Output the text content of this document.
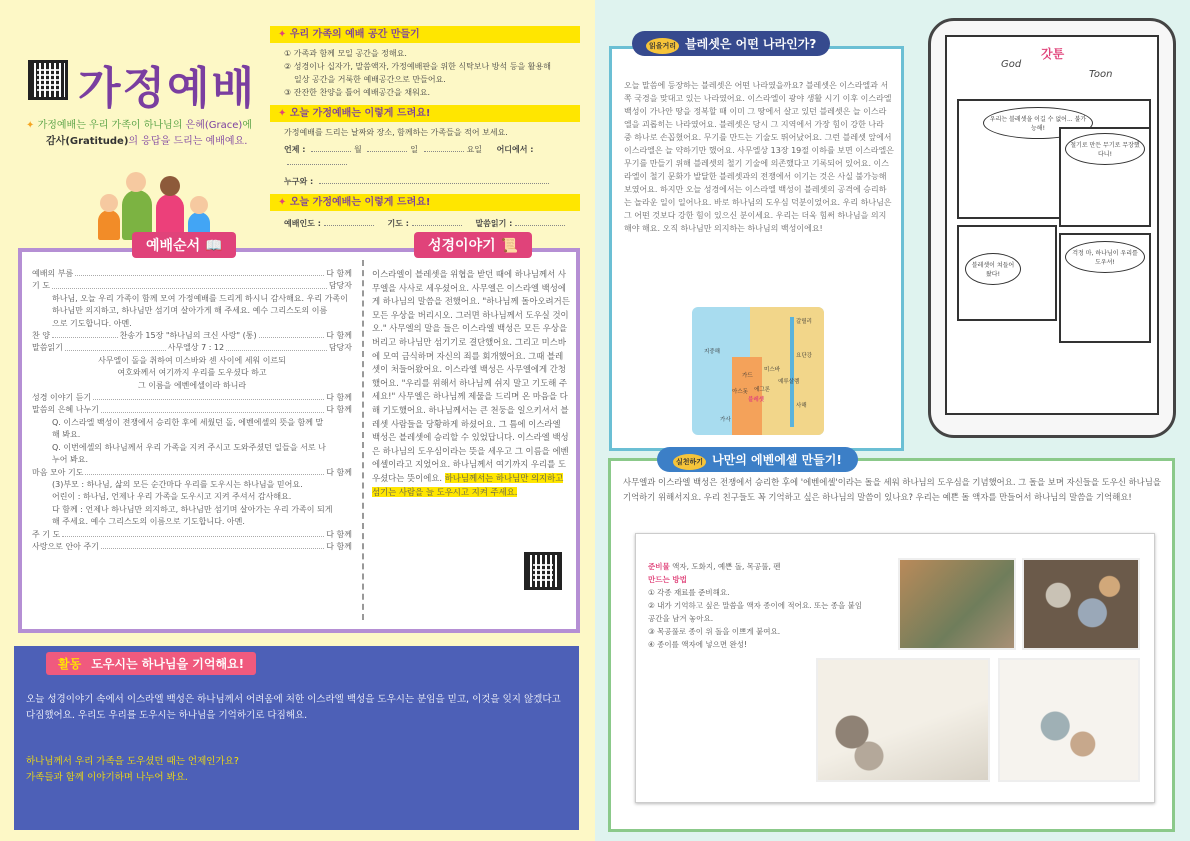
가정예배
✦ 가정예배는 우리 가족이 하나님의 은혜(Grace)에
감사(Gratitude)의 응답을 드리는 예배예요.
✦ 우리 가족의 예배 공간 만들기
① 가족과 함께 모일 공간을 정해요.
② 성경이나 십자가, 말씀액자, 가정예배판을 위한 식탁보나 방석 등을 활용해
일상 공간을 거룩한 예배공간으로 만들어요.
③ 잔잔한 찬양을 틀어 예배공간을 채워요.
✦ 오늘 가정예배는 이렇게 드려요!
가정예배를 드리는 날짜와 장소, 함께하는 가족들을 적어 보세요.
언제 :	월	일	요일 어디에서 :
누구와 :
✦ 오늘 가정예배는 이렇게 드려요!
예배인도 :	기도 :	말씀읽기 :
예배순서 📖	성경이야기 📜
예배의 부름	다 함께
기 도	담당자
하나님, 오늘 우리 가족이 함께 모여 가정예배를 드리게 하시니 감사해요. 우리 가족이
하나님만 의지하고, 하나님만 섬기며 살아가게 해 주세요. 예수 그리스도의 이름
으로 기도합니다. 아멘.
찬 양	찬송가 15장 "하나님의 크신 사랑" (통)	다 함께
말씀읽기	사무엘상 7 : 12	담당자
사무엘이 돌을 취하여 미스바와 센 사이에 세워 이르되
여호와께서 여기까지 우리를 도우셨다 하고
그 이름을 에벤에셀이라 하니라
성경 이야기 듣기	다 함께
말씀의 은혜 나누기	다 함께
Q. 이스라엘 백성이 전쟁에서 승리한 후에 세웠던 돌, 에벤에셀의 뜻을 함께 말
해 봐요.
Q. 이번에셀의 하나님께서 우리 가족을 지켜 주시고 도와주셨던 일들을 서로 나
누어 봐요.
마음 모아 기도	다 함께
(3)부모 : 하나님, 삶의 모든 순간마다 우리를 도우시는 하나님을 믿어요.
어린이 : 하나님, 언제나 우리 가족을 도우시고 지켜 주셔서 감사해요.
다 함께 : 언제나 하나님만 의지하고, 하나님만 섬기며 살아가는 우리 가족이 되게
해 주세요. 예수 그리스도의 이름으로 기도합니다. 아멘.
주 기 도	다 함께
사랑으로 안아 주기	다 함께
이스라엘이 블레셋을 위협을 받던 때에 하나님께서 사무엘을 사사로 세우셨어요. 사무엘은 이스라엘 백성에게 하나님의 말씀을 전했어요. "하나님께 돌아오려거든 모든 우상을 버리시오. 그러면 하나님께서 도우실 것이오." 사무엘의 말을 들은 이스라엘 백성은 모든 우상을 버리고 하나님만 섬기기로 결단했어요. 그리고 미스바에 모여 금식하며 자신의 죄를 회개했어요. 그때 블레셋이 처들어왔어요. 이스라엘 백성은 사무엘에게 간청했어요. "우리를 위해서 하나님께 쉬지 말고 기도해 주세요!" 사무엘은 하나님께 제물을 드리며 온 마음을 다해 기도했어요. 하나님께서는 큰 천둥을 일으키셔서 블레셋 사람들을 당황하게 하셨어요. 그 틈에 이스라엘 백성은 블레셋에 승리할 수 있었답니다. 이스라엘 백성은 하나님의 도우심이라는 뜻을 세우고 그 이름을 에벤에셀이라고 지었어요. 하나님께서 여기까지 우리를 도우셨다는 뜻이에요. 하나님께서는 하나님만 의지하고 섬기는 사람을 늘 도우시고 지켜 주세요.
활동 도우시는 하나님을 기억해요!
오늘 성경이야기 속에서 이스라엘 백성은 하나님께서 어려움에 처한 이스라엘 백성을 도우시는 분임을 믿고, 이것을 잊지 않겠다고 다짐했어요. 우리도 우리를 도우시는 하나님을 기억하기로 다짐해요.
하나님께서 우리 가족을 도우셨던 때는 언제인가요?
가족들과 함께 이야기하며 나누어 봐요.
읽을거리 블레셋은 어떤 나라인가?
오늘 말씀에 등장하는 블레셋은 어떤 나라였을까요? 블레셋은 이스라엘과 서쪽 국경을 맞대고 있는 나라였어요. 이스라엘이 광야 생활 시기 이후 이스라엘 백성이 가나안 땅을 정복할 때 이미 그 땅에서 살고 있던 블레셋은 늘 이스라엘을 괴롭히는 나라였어요. 블레셋은 당시 그 지역에서 가장 힘이 강한 나라 중 하나로 손꼽혔어요. 무기를 만드는 기술도 뛰어났어요. 그런 블레셋 앞에서 이스라엘은 늘 약하기만 했어요. 사무엘상 13장 19절 이하를 보면 이스라엘은 무기를 만들기 위해 블레셋의 철기 기술에 의존했다고 기록되어 있어요. 이스라엘이 철기 문화가 발달한 블레셋과의 전쟁에서 이기는 것은 사실 불가능해 보였어요. 하지만 오늘 성경에서는 이스라엘 백성이 블레셋의 공격에 승리하는 놀라운 일이 일어나요. 바로 하나님의 도우심 덕분이었어요. 우리 하나님은 그 어떤 것보다 강한 힘이 있으신 분이세요. 우리는 더욱 힘써 하나님을 의지해야 해요. 오직 하나님만 의지하는 하나님의 백성이에요!
지중해
갈릴리
미스바
예루살렘
가드
에그론
블레셋
요단강
사해
아스돗
가사
실천하기 나만의 에벤에셀 만들기!
사무엘과 이스라엘 백성은 전쟁에서 승리한 후에 '에벤에셀'이라는 돌을 세워 하나님의 도우심을 기념했어요. 그 돌을 보며 자신들을 도우신 하나님을 기억하기 위해서지요. 우리 친구들도 꼭 기억하고 싶은 하나님의 말씀이 있나요? 우리는 예쁜 돌 액자를 만들어서 하나님의 말씀을 기억해요!
준비물 액자, 도화지, 예쁜 돌, 목공풀, 펜
만드는 방법
① 각종 재료를 준비해요.
② 내가 기억하고 싶은 말씀을 액자 종이에 적어요. 또는 종을 붙임
공간을 남겨 놓아요.
③ 목공풀로 종이 위 돌을 이쁘게 붙여요.
④ 종이를 액자에 넣으면 완성!
God
갓툰
Toon
우리는 블레셋을 이길 수 없어... 불가능해!
블레셋이 쳐들어 왔다!
철기로 만든 무기로 무장했다니!
걱정 마, 하나님이 우리를 도우셔!
